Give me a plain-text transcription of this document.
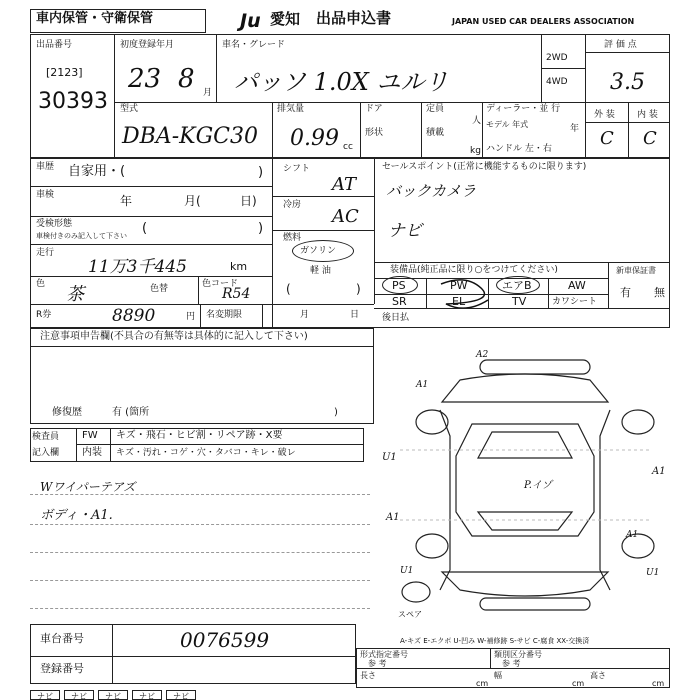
車内保管・守衛保管	Ju 愛知 出品申込書	JAPAN USED CAR DEALERS ASSOCIATION
出品番号
[2123]
30393
初度登録年月
23 8 月
車名・グレード
パッソ 1.0X ユルリ
2WD
4WD
評 価 点
3.5
外 装 内 装
C C
型式
DBA-KGC30
排気量
0.99 cc
ドア
形状
定員
人
積載
kg
ディーラー・並 行
モデル 年式	年
ハンドル 左・右
車歴 自家用・(	)
車検	年	月(	日)
受検形態
車検付きのみ記入して下さい (	)
走行
11万3千445	km
色 茶	色替	色コード
R54
シフト
AT
冷房
AC
燃料
ガソリン
軽 油
(	)
セールスポイント(正常に機能するものに限ります)
バックカメラ
ナビ
装備品(純正品に限り○をつけてください)
PS	PW	エアB	AW
SR	EL	TV	カワシート
新車保証書
有 無
R券	8890	円 名変期限	月	日	後日払
注意事項申告欄(不具合の有無等は具体的に記入して下さい)
修復歴	有 (箇所	)
検査員
記入欄
FW キズ・飛石・ヒビ割・リペア跡・X要
内装 キズ・汚れ・コゲ・穴・タバコ・キレ・破レ
Wワイパーテアズ
ボディ・A1.
A2
A1
U1
A1
P.イゾ
A1
U1	U1
A1
スペア
A-キズ E-エクボ U-凹み W-補修跡 S-サビ C-腐食 XX-交換済
車台番号	0076599
登録番号
形式指定番号
参 考
類別区分番号
参 考
長さ
cm
幅
cm
高さ
cm
ナビ	ナビ	ナビ	ナビ	ナビ
